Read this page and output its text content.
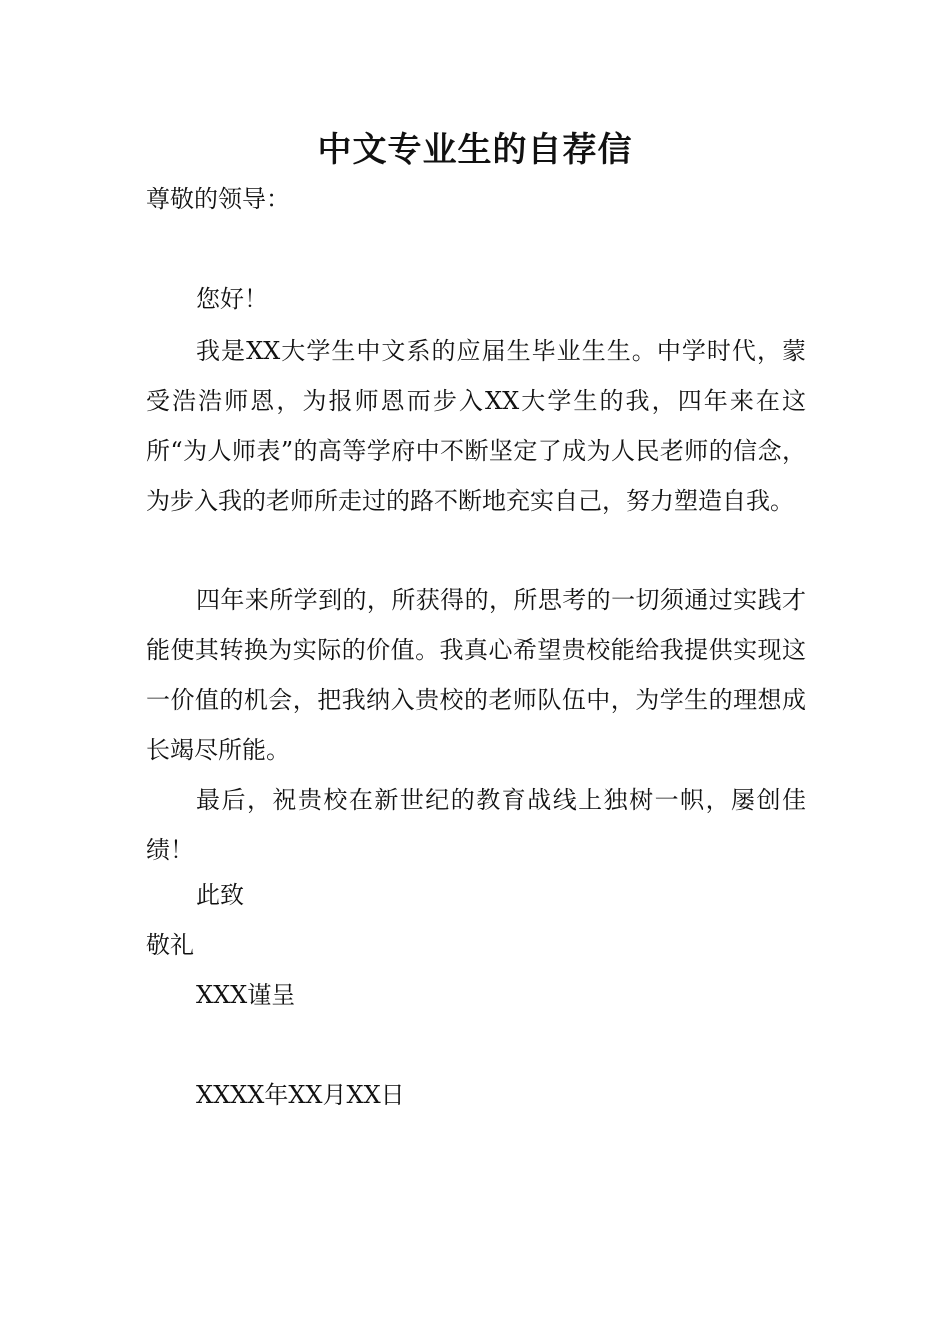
中文专业生的自荐信
尊敬的领导：
您好！

我是XX大学生中文系的应届生毕业生生。中学时代，蒙受浩浩师恩，为报师恩而步入XX大学生的我，四年来在这所“为人师表”的高等学府中不断坚定了成为人民老师的信念，为步入我的老师所走过的路不断地充实自己，努力塑造自我。

四年来所学到的，所获得的，所思考的一切须通过实践才能使其转换为实际的价值。我真心希望贵校能给我提供实现这一价值的机会，把我纳入贵校的老师队伍中，为学生的理想成长竭尽所能。

最后，祝贵校在新世纪的教育战线上独树一帜，屡创佳绩！

此致
敬礼
XXX谨呈
XXXX年XX月XX日
